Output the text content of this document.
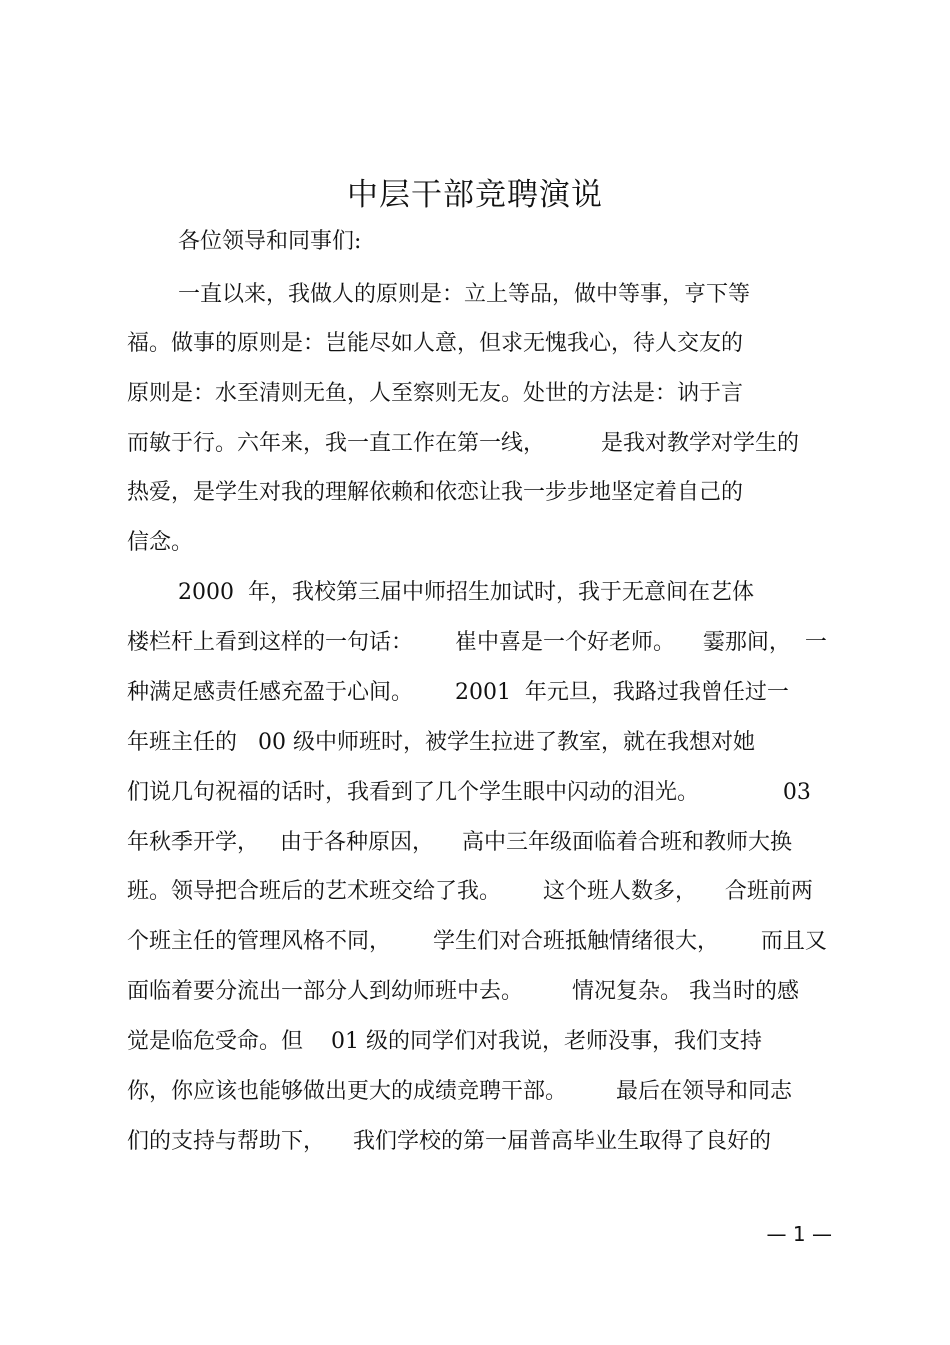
中层干部竞聘演说
各位领导和同事们:
一直以来，我做人的原则是：立上等品，做中等事，亨下等
福。做事的原则是：岂能尽如人意，但求无愧我心，待人交友的
原则是：水至清则无鱼，人至察则无友。处世的方法是：讷于言
而敏于行。六年来，我一直工作在第一线，        是我对教学对学生的
热爱，是学生对我的理解依赖和依恋让我一步步地坚定着自己的
信念。
2000  年，我校第三届中师招生加试时，我于无意间在艺体
楼栏杆上看到这样的一句话：      崔中喜是一个好老师。    霎那间，  一
种满足感责任感充盈于心间。      2001  年元旦，我路过我曾任过一
年班主任的   00 级中师班时，被学生拉进了教室，就在我想对她
们说几句祝福的话时，我看到了几个学生眼中闪动的泪光。            03
年秋季开学，   由于各种原因，    高中三年级面临着合班和教师大换
班。领导把合班后的艺术班交给了我。      这个班人数多，    合班前两
个班主任的管理风格不同，      学生们对合班抵触情绪很大，      而且又
面临着要分流出一部分人到幼师班中去。       情况复杂。 我当时的感
觉是临危受命。但    01 级的同学们对我说，老师没事，我们支持
你，你应该也能够做出更大的成绩竞聘干部。       最后在领导和同志
们的支持与帮助下，    我们学校的第一届普高毕业生取得了良好的
— 1 —
